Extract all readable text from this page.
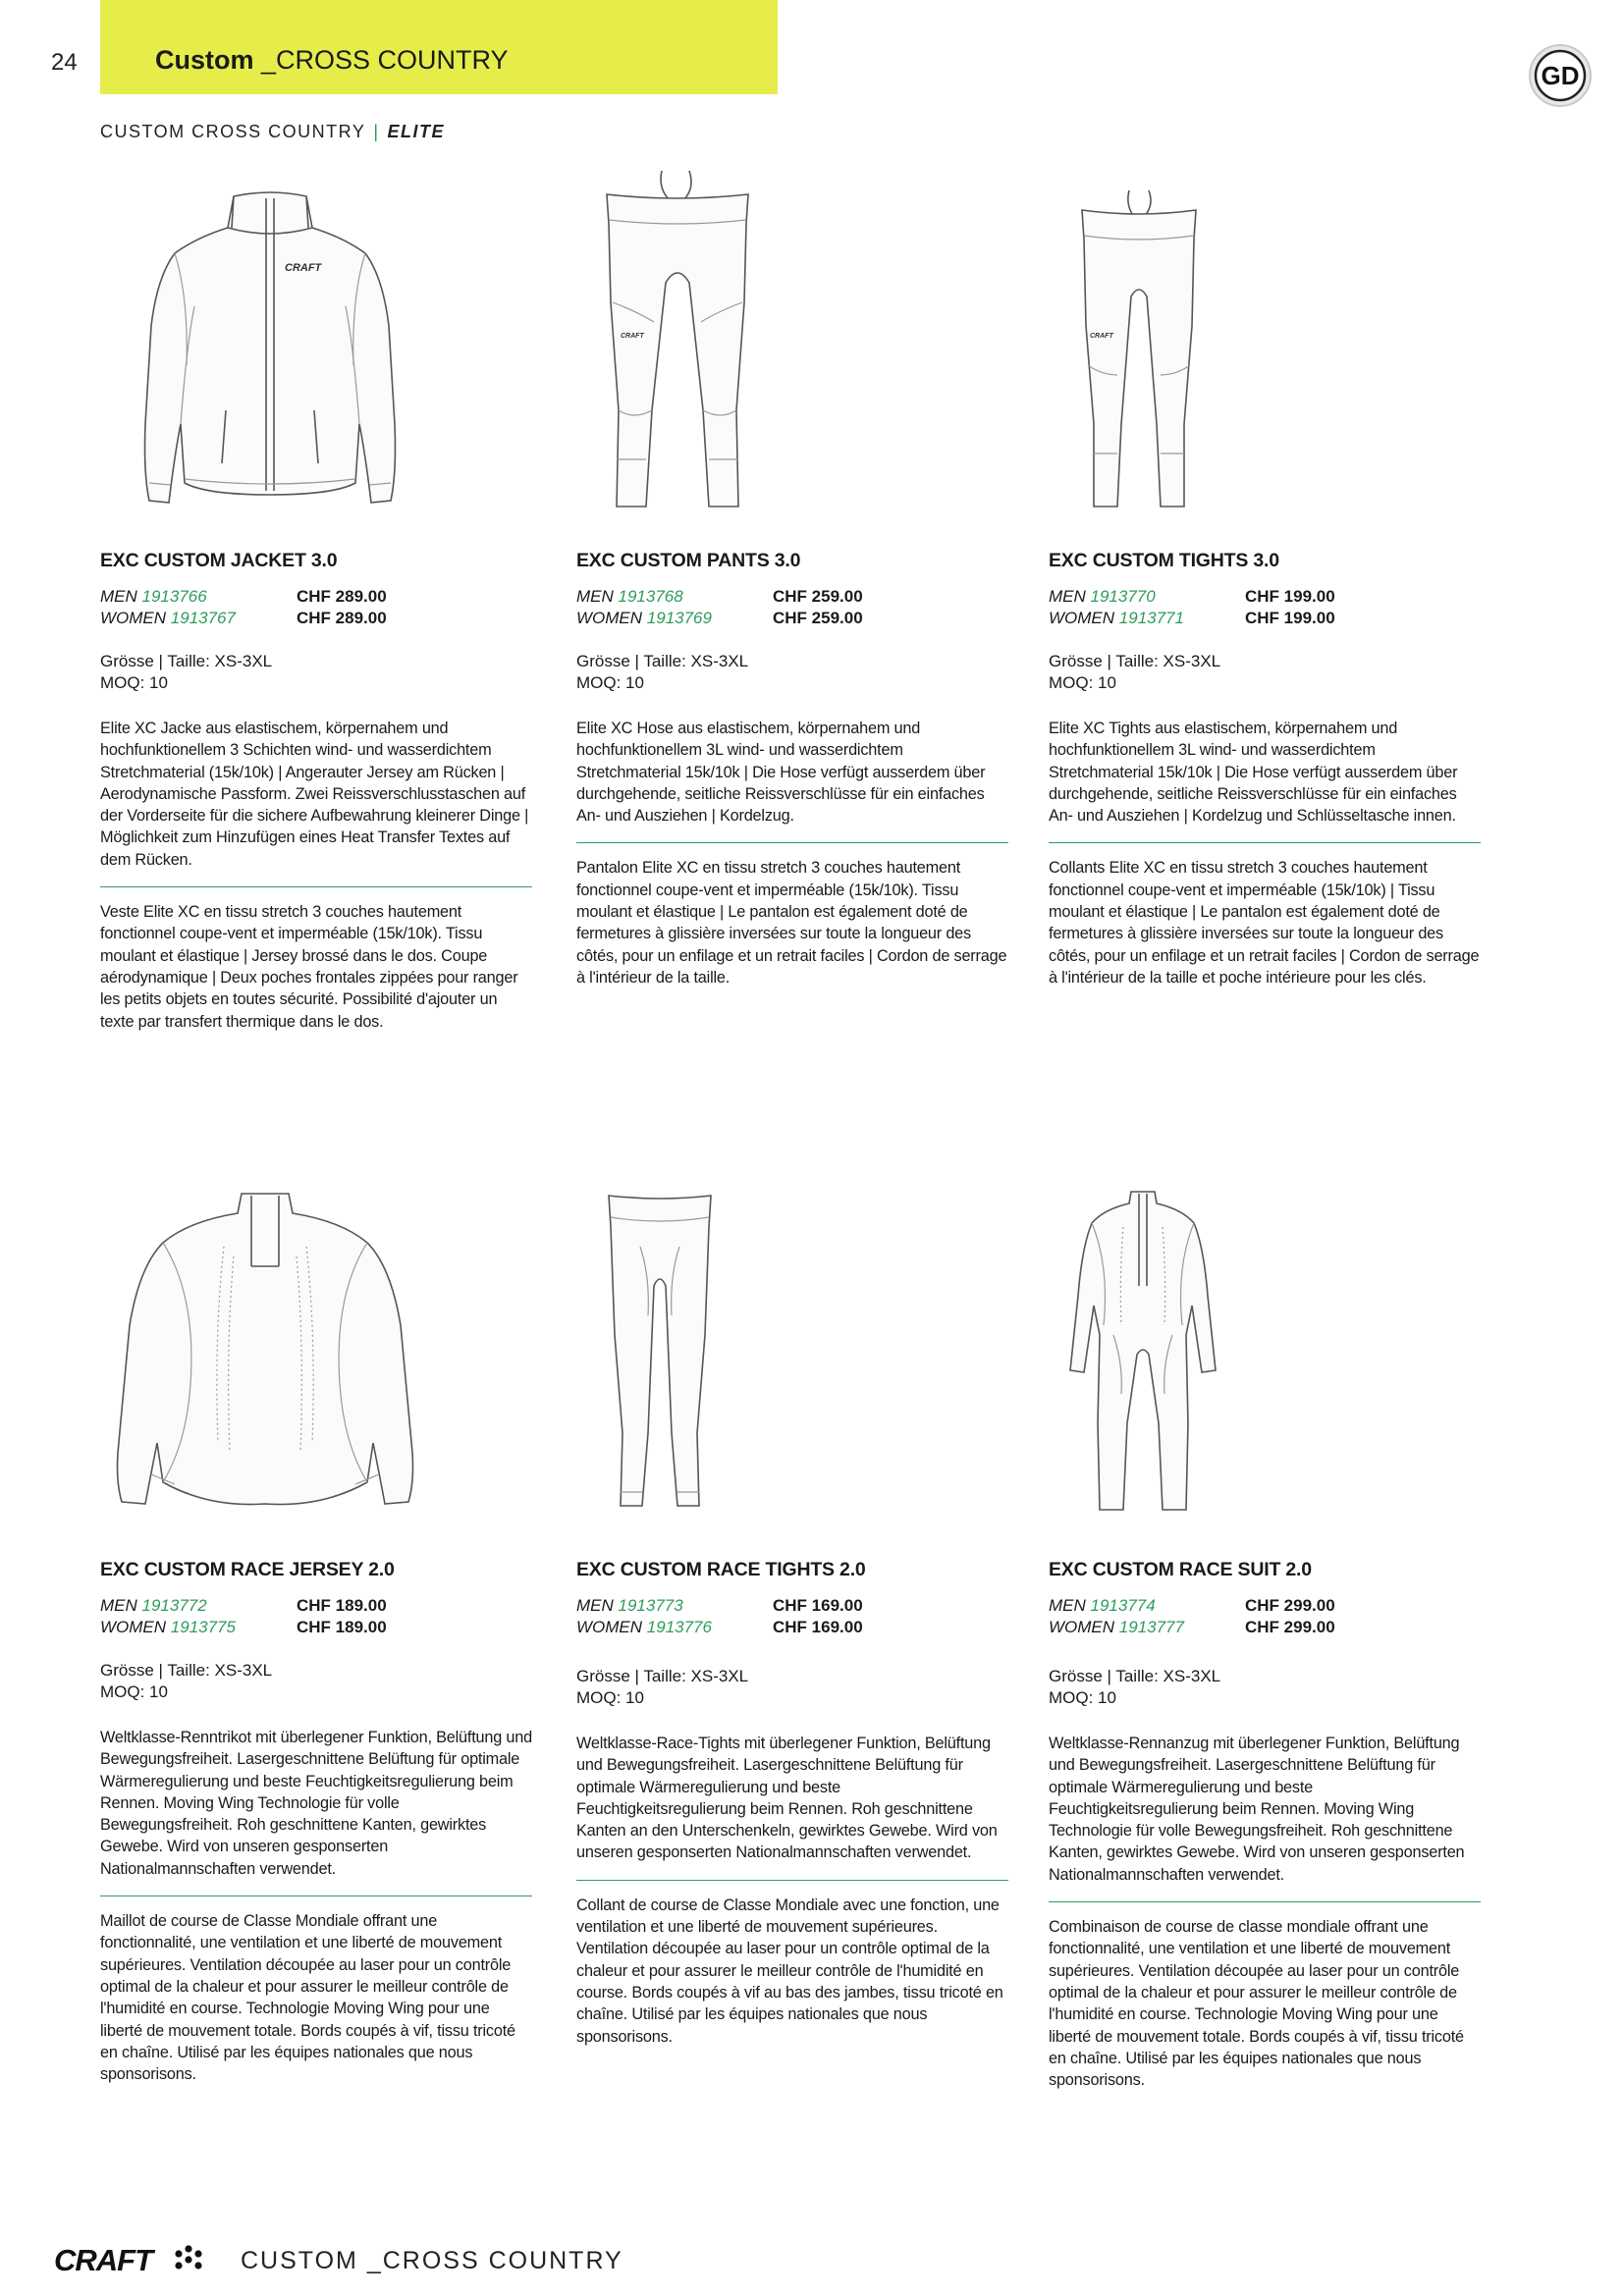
24	Custom _CROSS COUNTRY
GD
CUSTOM CROSS COUNTRY | ELITE
CRAFT
CRAFT	CRAFT
EXC CUSTOM JACKET 3.0
MEN 1913766	CHF 289.00
WOMEN 1913767	CHF 289.00
Grösse | Taille: XS-3XL
MOQ: 10
Elite XC Jacke aus elastischem, körpernahem und hochfunktionellem 3 Schichten wind- und wasserdichtem Stretchmaterial (15k/10k) | Angerauter Jersey am Rücken | Aerodynamische Passform. Zwei Reissverschlusstaschen auf der Vorderseite für die sichere Aufbewahrung kleinerer Dinge | Möglichkeit zum Hinzufügen eines Heat Transfer Textes auf dem Rücken.
Veste Elite XC en tissu stretch 3 couches hautement fonctionnel coupe-vent et imperméable (15k/10k). Tissu moulant et élastique | Jersey brossé dans le dos. Coupe aérodynamique | Deux poches frontales zippées pour ranger les petits objets en toutes sécurité. Possibilité d'ajouter un texte par transfert thermique dans le dos.
EXC CUSTOM PANTS 3.0
MEN 1913768	CHF 259.00
WOMEN 1913769	CHF 259.00
Grösse | Taille: XS-3XL
MOQ: 10
Elite XC Hose aus elastischem, körpernahem und hochfunktionellem 3L wind- und wasserdichtem Stretchmaterial 15k/10k | Die Hose verfügt ausserdem über durchgehende, seitliche Reissverschlüsse für ein einfaches An- und Ausziehen | Kordelzug.
Pantalon Elite XC en tissu stretch 3 couches hautement fonctionnel coupe-vent et imperméable (15k/10k). Tissu moulant et élastique | Le pantalon est également doté de fermetures à glissière inversées sur toute la longueur des côtés, pour un enfilage et un retrait faciles | Cordon de serrage à l'intérieur de la taille.
EXC CUSTOM TIGHTS 3.0
MEN 1913770	CHF 199.00
WOMEN 1913771	CHF 199.00
Grösse | Taille: XS-3XL
MOQ: 10
Elite XC Tights aus elastischem, körpernahem und hochfunktionellem 3L wind- und wasserdichtem Stretchmaterial 15k/10k | Die Hose verfügt ausserdem über durchgehende, seitliche Reissverschlüsse für ein einfaches An- und Ausziehen | Kordelzug und Schlüsseltasche innen.
Collants Elite XC en tissu stretch 3 couches hautement fonctionnel coupe-vent et imperméable (15k/10k) | Tissu moulant et élastique | Le pantalon est également doté de fermetures à glissière inversées sur toute la longueur des côtés, pour un enfilage et un retrait faciles | Cordon de serrage à l'intérieur de la taille et poche intérieure pour les clés.
EXC CUSTOM RACE JERSEY 2.0
MEN 1913772	CHF 189.00
WOMEN 1913775	CHF 189.00
Grösse | Taille: XS-3XL
MOQ: 10
Weltklasse-Renntrikot mit überlegener Funktion, Belüftung und Bewegungsfreiheit. Lasergeschnittene Belüftung für optimale Wärmeregulierung und beste Feuchtigkeitsregulierung beim Rennen. Moving Wing Technologie für volle Bewegungsfreiheit. Roh geschnittene Kanten, gewirktes Gewebe. Wird von unseren gesponserten Nationalmannschaften verwendet.
Maillot de course de Classe Mondiale offrant une fonctionnalité, une ventilation et une liberté de mouvement supérieures. Ventilation découpée au laser pour un contrôle optimal de la chaleur et pour assurer le meilleur contrôle de l'humidité en course. Technologie Moving Wing pour une liberté de mouvement totale. Bords coupés à vif, tissu tricoté en chaîne. Utilisé par les équipes nationales que nous sponsorisons.
EXC CUSTOM RACE TIGHTS 2.0
MEN 1913773	CHF 169.00
WOMEN 1913776	CHF 169.00
Grösse | Taille: XS-3XL
MOQ: 10
Weltklasse-Race-Tights mit überlegener Funktion, Belüftung und Bewegungsfreiheit. Lasergeschnittene Belüftung für optimale Wärmeregulierung und beste Feuchtigkeitsregulierung beim Rennen. Roh geschnittene Kanten an den Unterschenkeln, gewirktes Gewebe. Wird von unseren gesponserten Nationalmannschaften verwendet.
Collant de course de Classe Mondiale avec une fonction, une ventilation et une liberté de mouvement supérieures. Ventilation découpée au laser pour un contrôle optimal de la chaleur et pour assurer le meilleur contrôle de l'humidité en course. Bords coupés à vif au bas des jambes, tissu tricoté en chaîne. Utilisé par les équipes nationales que nous sponsorisons.
EXC CUSTOM RACE SUIT 2.0
MEN 1913774	CHF 299.00
WOMEN 1913777	CHF 299.00
Grösse | Taille: XS-3XL
MOQ: 10
Weltklasse-Rennanzug mit überlegener Funktion, Belüftung und Bewegungsfreiheit. Lasergeschnittene Belüftung für optimale Wärmeregulierung und beste Feuchtigkeitsregulierung beim Rennen. Moving Wing Technologie für volle Bewegungsfreiheit. Roh geschnittene Kanten, gewirktes Gewebe. Wird von unseren gesponserten Nationalmannschaften verwendet.
Combinaison de course de classe mondiale offrant une fonctionnalité, une ventilation et une liberté de mouvement supérieures. Ventilation découpée au laser pour un contrôle optimal de la chaleur et pour assurer le meilleur contrôle de l'humidité en course. Technologie Moving Wing pour une liberté de mouvement totale. Bords coupés à vif, tissu tricoté en chaîne. Utilisé par les équipes nationales que nous sponsorisons.
CRAFT	CUSTOM _CROSS COUNTRY
